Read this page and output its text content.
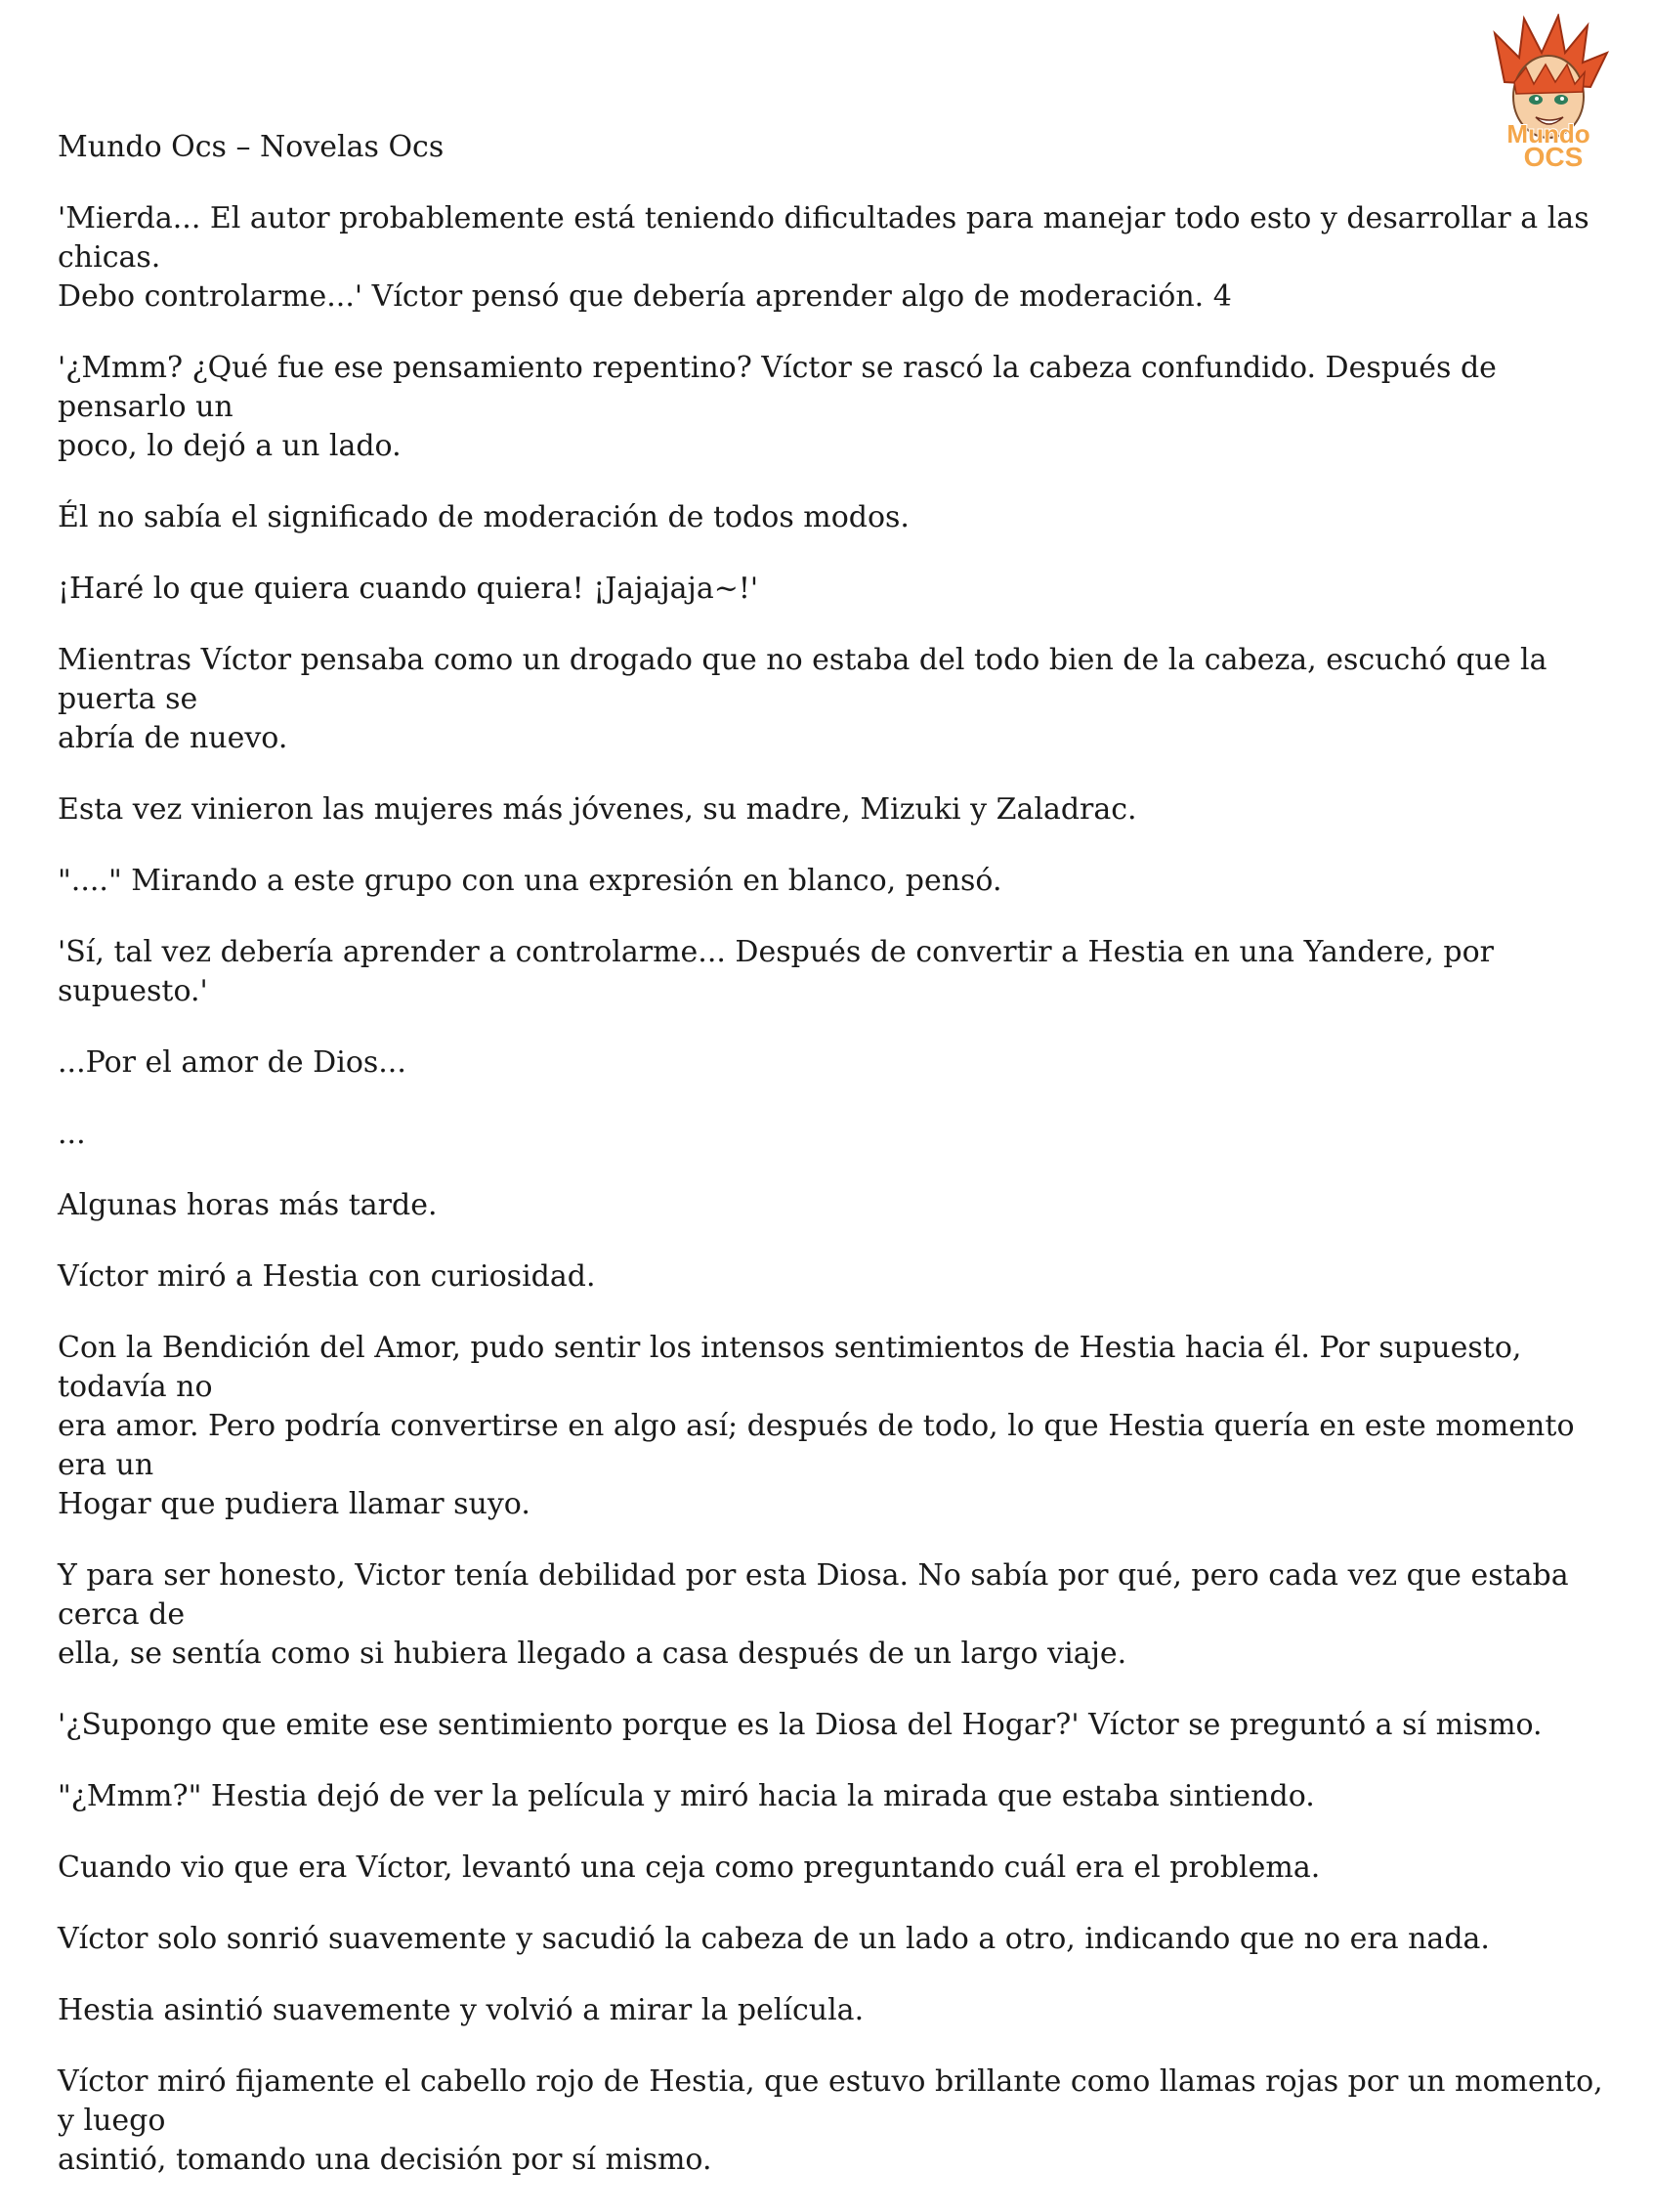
Mundo
OCS

Mundo Ocs – Novelas Ocs

'Mierda... El autor probablemente está teniendo dificultades para manejar todo esto y desarrollar a las chicas.
Debo controlarme...' Víctor pensó que debería aprender algo de moderación. 4

'¿Mmm? ¿Qué fue ese pensamiento repentino? Víctor se rascó la cabeza confundido. Después de pensarlo un
poco, lo dejó a un lado.

Él no sabía el significado de moderación de todos modos.

¡Haré lo que quiera cuando quiera! ¡Jajajaja~!'

Mientras Víctor pensaba como un drogado que no estaba del todo bien de la cabeza, escuchó que la puerta se
abría de nuevo.

Esta vez vinieron las mujeres más jóvenes, su madre, Mizuki y Zaladrac.

"...." Mirando a este grupo con una expresión en blanco, pensó.

'Sí, tal vez debería aprender a controlarme... Después de convertir a Hestia en una Yandere, por supuesto.'

...Por el amor de Dios...

...

Algunas horas más tarde.

Víctor miró a Hestia con curiosidad.

Con la Bendición del Amor, pudo sentir los intensos sentimientos de Hestia hacia él. Por supuesto, todavía no
era amor. Pero podría convertirse en algo así; después de todo, lo que Hestia quería en este momento era un
Hogar que pudiera llamar suyo.

Y para ser honesto, Victor tenía debilidad por esta Diosa. No sabía por qué, pero cada vez que estaba cerca de
ella, se sentía como si hubiera llegado a casa después de un largo viaje.

'¿Supongo que emite ese sentimiento porque es la Diosa del Hogar?' Víctor se preguntó a sí mismo.

"¿Mmm?" Hestia dejó de ver la película y miró hacia la mirada que estaba sintiendo.

Cuando vio que era Víctor, levantó una ceja como preguntando cuál era el problema.

Víctor solo sonrió suavemente y sacudió la cabeza de un lado a otro, indicando que no era nada.

Hestia asintió suavemente y volvió a mirar la película.

Víctor miró fijamente el cabello rojo de Hestia, que estuvo brillante como llamas rojas por un momento, y luego
asintió, tomando una decisión por sí mismo.
